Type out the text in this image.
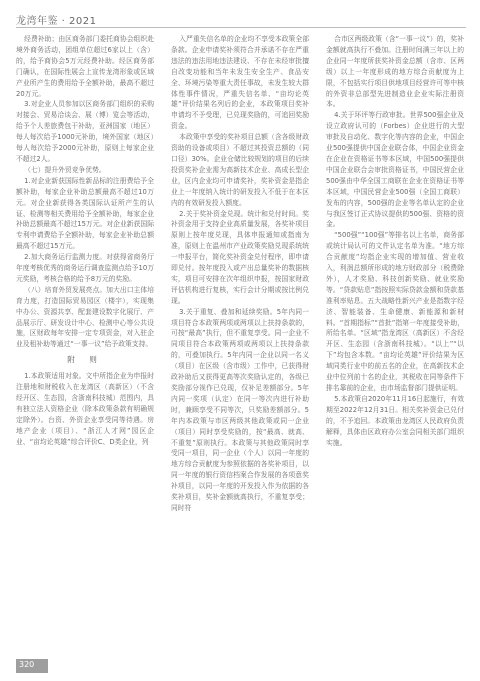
龙湾年鉴 · 2021

经费补助；由区商务部门委托商协会组织赴境外商务活动，团组单位超过6家以上（含）的，给予商协会5万元经费补助。经区商务部门确认，在国际性展会上宣传龙湾形象或区域产业所产生的费用给予全额补助，最高不超过20万元。

3.对企业人员参加以区商务部门组织的采购对接会、贸易洽谈会、展（博）览会等活动，给予个人差旅费包干补助，亚洲国家（地区）每人每次给予1000元补助，境外国家（地区）每人每次给予2000元补助，原则上每家企业不超过2人。

（七）提升外贸竞争优势。

1.对企业新获国际性新品标的注册费给予全额补助，每家企业补助总额最高不超过10万元。对企业新获得各类国际认证所产生的认证、检测等相关费用给予全额补助，每家企业补助总额最高不超过15万元。对企业新获国际专利申请费给予全额补助，每家企业补助总额最高不超过15万元。

2.加大商务运行监测力度。对获得省商务厅年度考核优秀的商务运行调查监测点给予10万元奖励，考核合格的给予8万元的奖励。

（八）培育外贸发展亮点。加大出口主体培育力度，打造国际贸易园区（楼宇），实现集中办公、资源共享、配套建设数字化展厅、产品展示厅、研发设计中心、检测中心等公共设施，区财政每年安排一定专项资金，对入驻企业及租补助等通过“一事一议”给予政策支持。

附 则

1.本政策适用对象。文中所指企业为申报时注册地和财税收入在龙湾区（高新区）（不含经开区、生态园，含浙南科技城）范围内，具有独立法人资格企业（除本政策条款有明确规定除外）。台资、外资企业享受同等待遇。房地产企业（项目）、“浙江人才网”园区企业、“亩均论英雄”综合评价C、D类企业，列

入严重失信名单的企业均不享受本政策全部条款。企业申请奖补须符合并承诺不存在严重违法的违法用地违法建设、不存在未经审批擅自改变功能和当年未发生安全生产、食品安全、环境污染等重大责任事故，未发生较大群体性事件情况，严重失信名单、“亩均论英雄”评价结果名列后的企业，本政策项目奖补申请均不予受理，已兑现奖励的，可追回奖励资金。

本政策中享受的奖补项目总额（含各级财政资助的设备或项目）不超过其投资总额的（同口径）30%。企业仓储比较规划的项目的后续投资奖补企业需为高新技术企业、高成长型企业，区内企业均可申请奖补，奖补资金是指企业上一年度纳入统计的研发投入不低于在本区内的有效研发投入额度。

2.关于奖补资金兑现。统计和兑付时间。奖补资金用于支持企业高质量发展，各奖补项目原则上按年度兑现，具体申报通知或指南为准，原则上在温州市产业政策奖励兑现系统统一申报平台，简化奖补资金兑付程序，即申请即兑付。按年度投入或产出总量奖补的数据核实，项目可安排在次年组织申报，按国家财政评估机构进行复核，实行会计分期或按比例兑现。

3.关于重复、叠加和延续奖励。5年内同一项目符合本政策两项或两项以上扶持条款的，可按“最高”执行，但不重复享受。同一企业不同项目符合本政策两项或两项以上扶持条款的，可叠加执行。5年内同一企业以同一名义（项目）在区级（含市级）工作中，已获得财政补助后又获得更高等次奖励认定的，各级已奖励部分视作已兑现，仅补足差额部分。5年内同一奖项（认定）在同一等次内进行补助时，兼顾享受不同等次，只奖励差额部分。5年内本政策与市区两级其他政策或同一企业（项目）同时享受奖励的，按“最高、就高、不重复”原则执行。本政策与其他政策同时享受同一项目，同一企业（个人）以同一年度的地方综合贡献度为参照依据的各奖补项目，以同一年度的银行资信档案合作发展的各项意奖补项目，以同一年度的开发投入作为依据的各奖补项目，奖补金额就高执行，不重复享受；同时符

合市区两级政策（含“一事一议”）的，奖补金额就高执行不叠加。注册时间满三年以上的企业同一年度所获奖补资金总额（含市、区两级）以上一年度形成的地方综合贡献度为上限，不包括实行项目供地项目经营许可等中核的外资非总部型先进制造业企业实际注册资本。

4.关于环评等行政审批。世界500强企业及设立政府认可的（Forbes）企业进行的大型审批及自动化、数字化等内容的企业，中国企业500强提供中国企业联合体，中国企业资金在企业在资格证书等本区域，中国500强提供中国企业联合会审批资格证书，中国民营企业500强由中华全国工商联在企业在资格证书等本区域，中国民营企业500强（全国工商联）发布的内容，500强的企业等名单认定的企业与我区签订正式协议提供的500强、资格的资金。

“500强”“100强”等排名以上名单，商务部或统计局认可的文件认定名单为准。“地方综合贡献度”均指企业实现的增加值、营业收入，利润总额所形成的地方财政部分（税费除外），人才奖励、科技创新奖励、就业奖励等。“贷款贴息”指按照实际贷款金额和贷款基准利率贴息。五大战略性新兴产业是指数字经济、智能装备、生命健康、新能源和新材料。“首期指标”“首批”指第一年度接受补助，所给名单。“区域”指龙湾区（高新区）不含经开区、生态园（含浙南科技城）。“以上”“以下”均包含本数。“亩均论英雄”评价结果为区域同类行业中的前五名的企业，在高新技术企业中位列前十名的企业，其税收在同等条件下排名靠前的企业，由市场监督部门提供证明。

5.本政策自2020年11月16日起施行，有效期至2022年12月31日。相关奖补资金已兑付的，不予追回。本政策由龙湾区人民政府负责解释，具体由区政府办公室会同相关部门组织实施。

320
